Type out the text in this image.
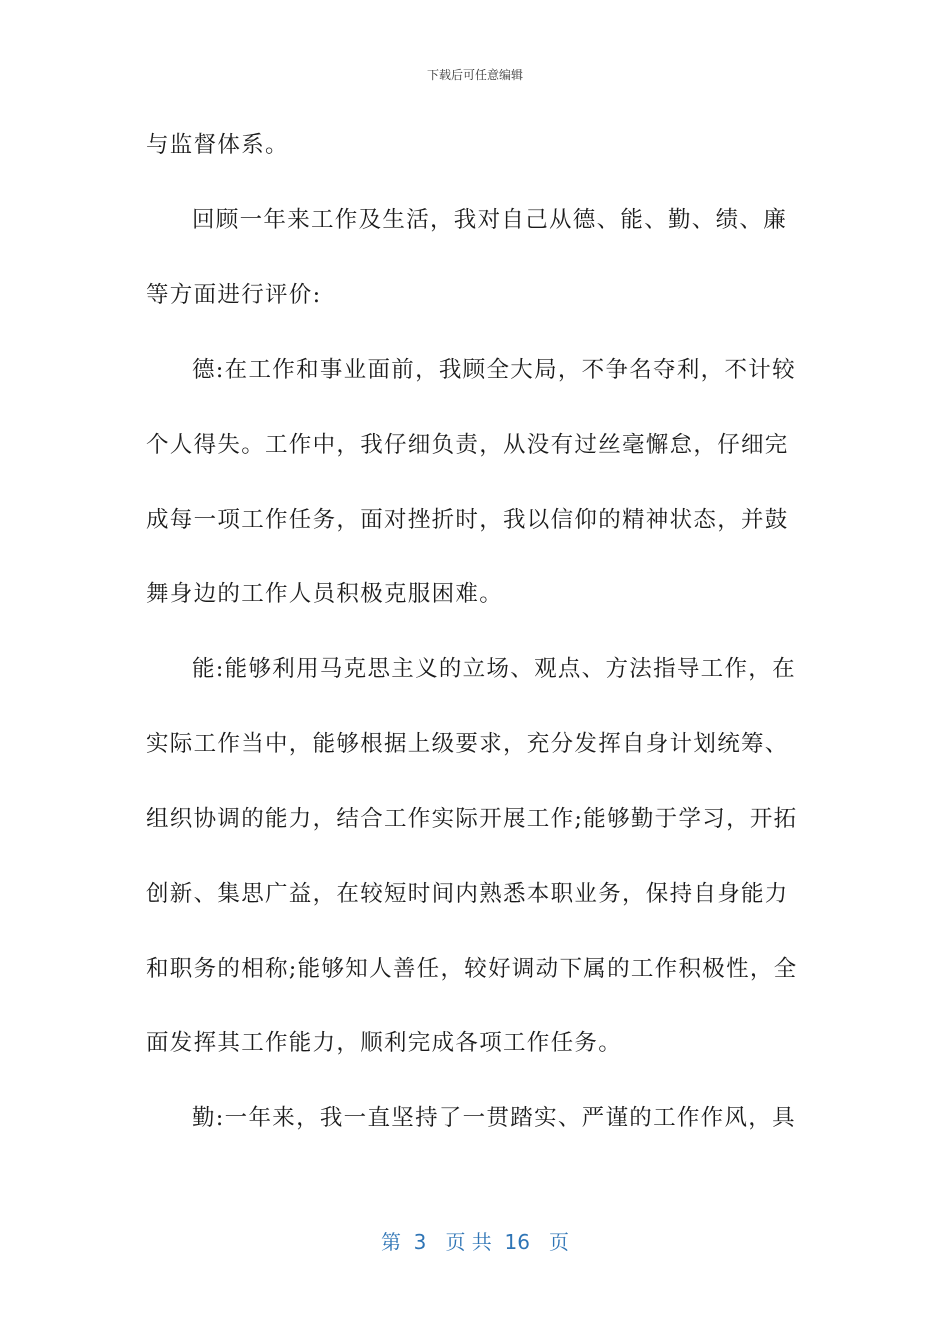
下载后可任意编辑
与监督体系。
回顾一年来工作及生活，我对自己从德、能、勤、绩、廉
等方面进行评价:
德:在工作和事业面前，我顾全大局，不争名夺利，不计较
个人得失。工作中，我仔细负责，从没有过丝毫懈怠，仔细完
成每一项工作任务，面对挫折时，我以信仰的精神状态，并鼓
舞身边的工作人员积极克服困难。
能:能够利用马克思主义的立场、观点、方法指导工作，在
实际工作当中，能够根据上级要求，充分发挥自身计划统筹、
组织协调的能力，结合工作实际开展工作;能够勤于学习，开拓
创新、集思广益，在较短时间内熟悉本职业务，保持自身能力
和职务的相称;能够知人善任，较好调动下属的工作积极性，全
面发挥其工作能力，顺利完成各项工作任务。
勤:一年来，我一直坚持了一贯踏实、严谨的工作作风，具
第  3   页 共  16   页
